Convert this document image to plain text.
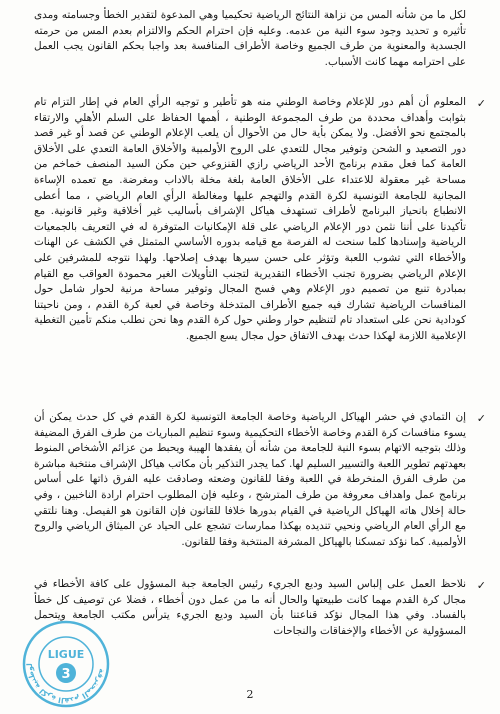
لكل ما من شأنه المس من نزاهة النتائج الرياضية تحكيميا وهي المدعوة لتقدير الخطأ وجسامته ومدى تأثيره و تحديد وجود سوء النية من عدمه. وعليه فإن احترام الحكم والالتزام بعدم المس من حرمته الجسدية والمعنوية من طرف الجميع وخاصة الأطراف المنافسة بعد واجبا بحكم القانون يجب العمل على احترامه مهما كانت الأسباب.
✓
المعلوم أن أهم دور للإعلام وخاصة الوطني منه هو تأطير و توجيه الرأي العام في إطار التزام تام بثوابت وأهداف محددة من طرف المجموعة الوطنية ، أهمها الحفاظ على السلم الأهلي والارتقاء بالمجتمع نحو الأفضل. ولا يمكن بأية حال من الأحوال أن يلعب الإعلام الوطني عن قصد أو غير قصد دور التصعيد و الشحن وتوفير مجال للتعدي على الروح الأولمبية والأخلاق العامة التعدي على الأخلاق العامة كما فعل مقدم برنامج الأحد الرياضي رازي القنزوعي حين مكن السيد المنصف خماخم من مساحة غير معقولة للاعتداء على الأخلاق العامة بلغة مخلة بالاداب ومغرضة. مع تعمده الإساءة المجانية للجامعة التونسية لكرة القدم والتهجم عليها ومغالطة الرأي العام الرياضي ، مما أعطى الانطباع بانحياز البرنامج لأطراف تستهدف هياكل الإشراف بأساليب غير أخلاقية وغير قانونية. مع تأكيدنا على أننا نثمن دور الإعلام الرياضي على قلة الإمكانيات المتوفرة له في التعريف بالجمعيات الرياضية وإسنادها كلما سنحت له الفرصة مع قيامه بدوره الأساسي المتمثل في الكشف عن الهنات والأخطاء التي تشوب اللعبة وتؤثر على حسن سيرها بهدف إصلاحها. ولهذا نتوجه للمشرفين على الإعلام الرياضي بضرورة تجنب الأخطاء التقديرية لتجنب التأويلات الغير محمودة العواقب مع القيام بمبادرة تنبع من تصميم دور الإعلام وهي فسح المجال وتوفير مساحة مرنية لحوار شامل حول المنافسات الرياضية تشارك فيه جميع الأطراف المتدخلة وخاصة في لعبة كرة القدم ، ومن ناحيتنا كودادية نحن على استعداد تام لتنظيم حوار وطني حول كرة القدم وها نحن نطلب منكم تأمين التغطية الإعلامية اللازمة لهكذا حدث بهدف الاتفاق حول مجال يسع الجميع.
✓
إن التمادي في حشر الهياكل الرياضية وخاصة الجامعة التونسية لكرة القدم في كل حدث يمكن أن يسوء منافسات كرة القدم وخاصة الأخطاء التحكيمية وسوء تنظيم المباريات من طرف الفرق المضيفة وذلك بتوجيه الاتهام بسوء النية للجامعة من شأنه أن يفقدها الهيبة ويحبط من عزائم الأشخاص المنوط بعهدتهم تطوير اللعبة والتسيير السليم لها. كما يجدر التذكير بأن مكاتب هياكل الإشراف منتخبة مباشرة من طرف الفرق المنخرطة في اللعبة وفقا للقانون وضعته وصادقت عليه الفرق ذاتها على أساس برنامج عمل واهداف معروفة من طرف المترشح ، وعليه فإن المطلوب احترام ارادة الناخبين ، وفي حالة إخلال هاته الهياكل الرياضية في القيام بدورها خلافا للقانون فإن القانون هو الفيصل. وهنا نلتقي مع الرأي العام الرياضي ونحيي تنديده بهكذا ممارسات تشجع على الحياد عن الميثاق الرياضي والروح الأولمبية. كما نؤكد تمسكنا بالهياكل المشرفة المنتخبة وفقا للقانون.
✓
نلاحظ العمل على إلباس السيد وديع الجريء رئيس الجامعة جبة المسؤول على كافة الأخطاء في مجال كرة القدم مهما كانت طبيعتها والحال أنه ما من عمل دون أخطاء ، فضلا عن توصيف كل خطأ بالفساد. وفي هذا المجال نؤكد قناعتنا بأن السيد وديع الجريء يترأس مكتب الجامعة ويتحمل المسؤولية عن الأخطاء والإخفاقات والنجاحات
لوطنية لكرة القدم المحترفة
LIGUE
3
2
